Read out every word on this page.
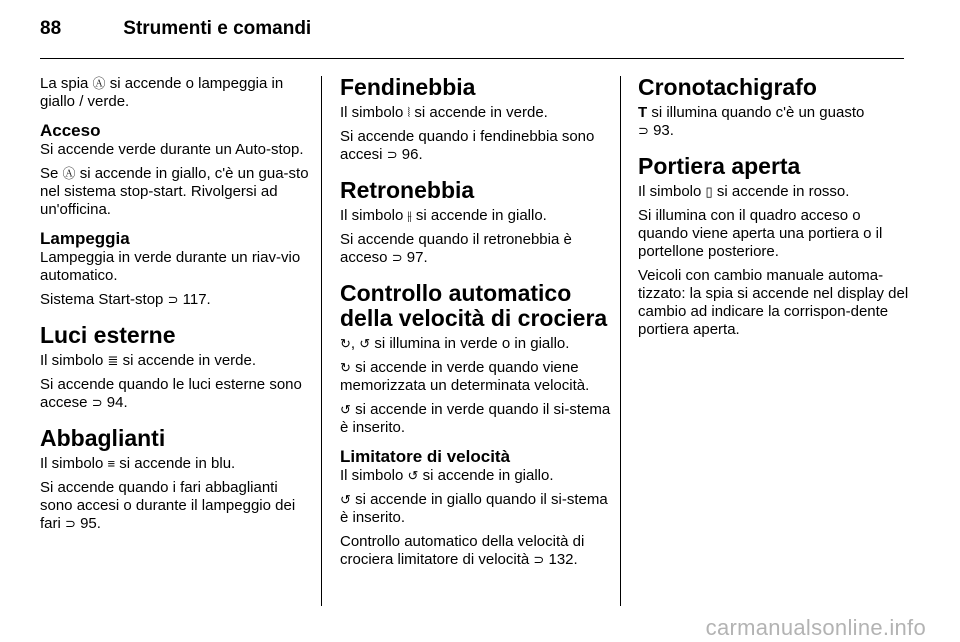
88	Strumenti e comandi

La spia Ⓐ si accende o lampeggia in giallo / verde.

Acceso

Si accende verde durante un Auto-stop.

Se Ⓐ si accende in giallo, c'è un gua-sto nel sistema stop-start. Rivolgersi ad un'officina.

Lampeggia

Lampeggia in verde durante un riav-vio automatico.

Sistema Start-stop ⊃ 117.

Luci esterne

Il simbolo ≣ si accende in verde.

Si accende quando le luci esterne sono accese ⊃ 94.

Abbaglianti

Il simbolo ≡ si accende in blu.

Si accende quando i fari abbaglianti sono accesi o durante il lampeggio dei fari ⊃ 95.

Fendinebbia

Il simbolo ⦚ si accende in verde.

Si accende quando i fendinebbia sono accesi ⊃ 96.

Retronebbia

Il simbolo ⫲ si accende in giallo.

Si accende quando il retronebbia è acceso ⊃ 97.

Controllo automatico della velocità di crociera

↻, ↺ si illumina in verde o in giallo.

↻ si accende in verde quando viene memorizzata un determinata velocità.

↺ si accende in verde quando il si-stema è inserito.

Limitatore di velocità

Il simbolo ↺ si accende in giallo.

↺ si accende in giallo quando il si-stema è inserito.

Controllo automatico della velocità di crociera limitatore di velocità ⊃ 132.

Cronotachigrafo

T si illumina quando c'è un guasto
⊃ 93.

Portiera aperta

Il simbolo ▯ si accende in rosso.

Si illumina con il quadro acceso o quando viene aperta una portiera o il portellone posteriore.

Veicoli con cambio manuale automa-tizzato: la spia si accende nel display del cambio ad indicare la corrispon-dente portiera aperta.

carmanualsonline.info
